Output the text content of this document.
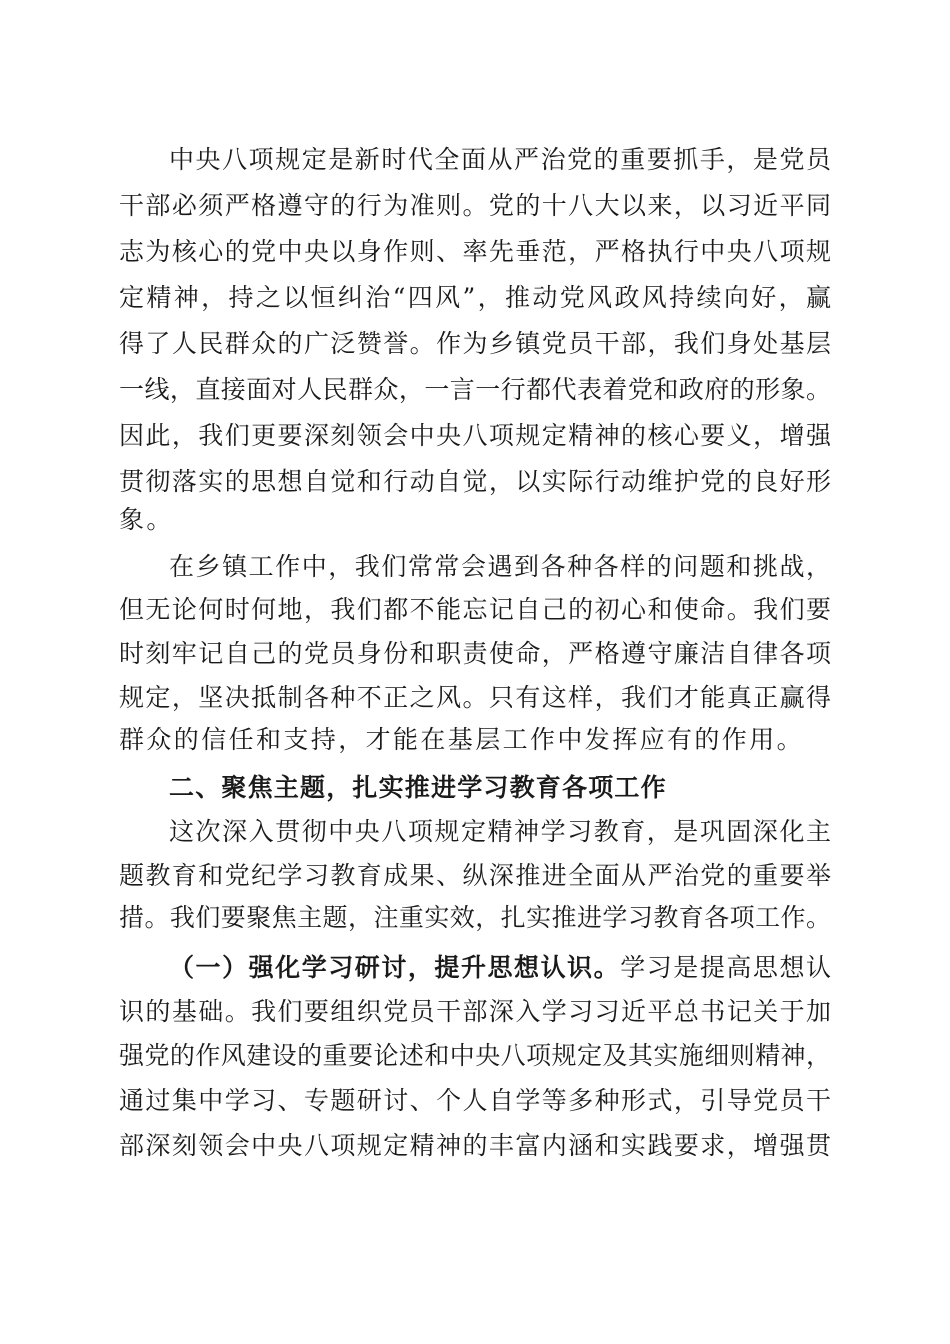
中央八项规定是新时代全面从严治党的重要抓手，是党员
干部必须严格遵守的行为准则。党的十八大以来，以习近平同
志为核心的党中央以身作则、率先垂范，严格执行中央八项规
定精神，持之以恒纠治“四风”，推动党风政风持续向好，赢
得了人民群众的广泛赞誉。作为乡镇党员干部，我们身处基层
一线，直接面对人民群众，一言一行都代表着党和政府的形象。
因此，我们更要深刻领会中央八项规定精神的核心要义，增强
贯彻落实的思想自觉和行动自觉，以实际行动维护党的良好形
象。
在乡镇工作中，我们常常会遇到各种各样的问题和挑战，
但无论何时何地，我们都不能忘记自己的初心和使命。我们要
时刻牢记自己的党员身份和职责使命，严格遵守廉洁自律各项
规定，坚决抵制各种不正之风。只有这样，我们才能真正赢得
群众的信任和支持，才能在基层工作中发挥应有的作用。
二、聚焦主题，扎实推进学习教育各项工作
这次深入贯彻中央八项规定精神学习教育，是巩固深化主
题教育和党纪学习教育成果、纵深推进全面从严治党的重要举
措。我们要聚焦主题，注重实效，扎实推进学习教育各项工作。
（一）强化学习研讨，提升思想认识。学习是提高思想认
识的基础。我们要组织党员干部深入学习习近平总书记关于加
强党的作风建设的重要论述和中央八项规定及其实施细则精神，
通过集中学习、专题研讨、个人自学等多种形式，引导党员干
部深刻领会中央八项规定精神的丰富内涵和实践要求，增强贯
